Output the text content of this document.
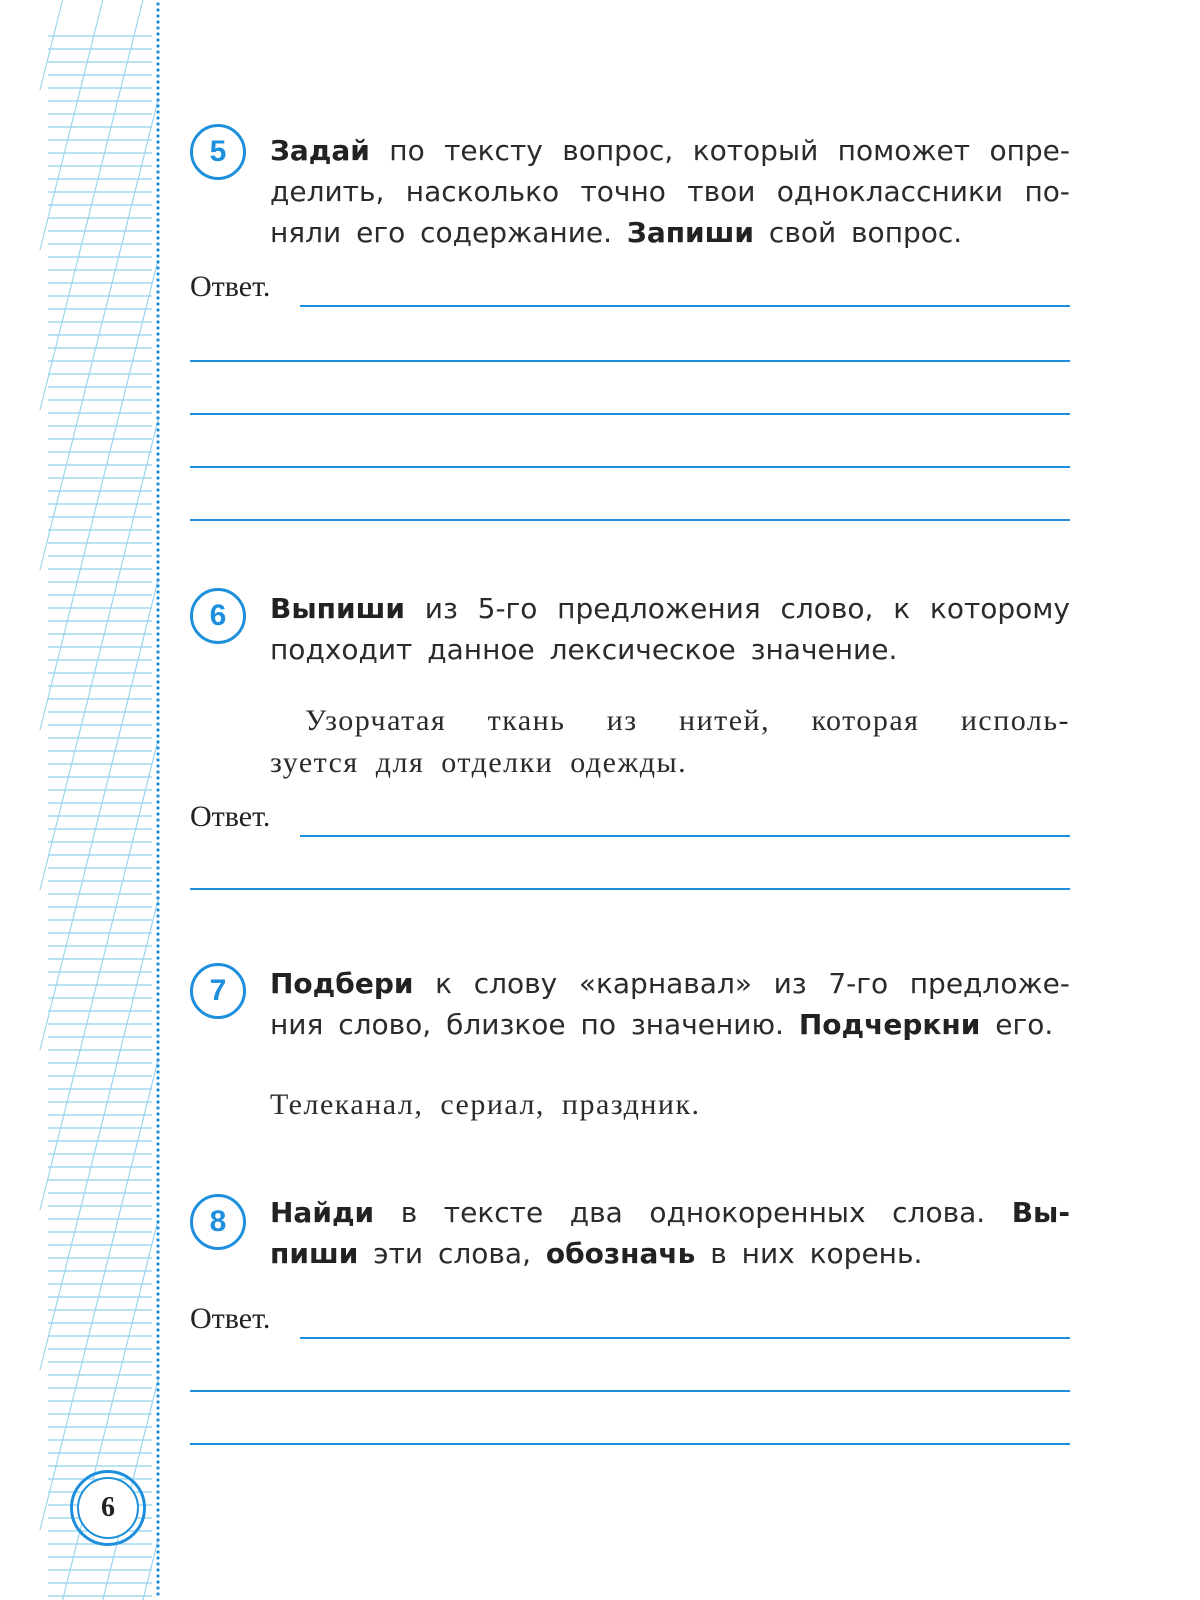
5	Задай по тексту вопрос, который поможет опре-
делить, насколько точно твои одноклассники по-
няли его содержание. Запиши свой вопрос.
Ответ.
6	Выпиши из 5-го предложения слово, к которому
подходит данное лексическое значение.
Узорчатая ткань из нитей, которая исполь-
зуется для отделки одежды.
Ответ.
7	Подбери к слову «карнавал» из 7-го предложе-
ния слово, близкое по значению. Подчеркни его.
Телеканал, сериал, праздник.
8	Найди в тексте два однокоренных слова. Вы-
пиши эти слова, обозначь в них корень.
Ответ.
6
